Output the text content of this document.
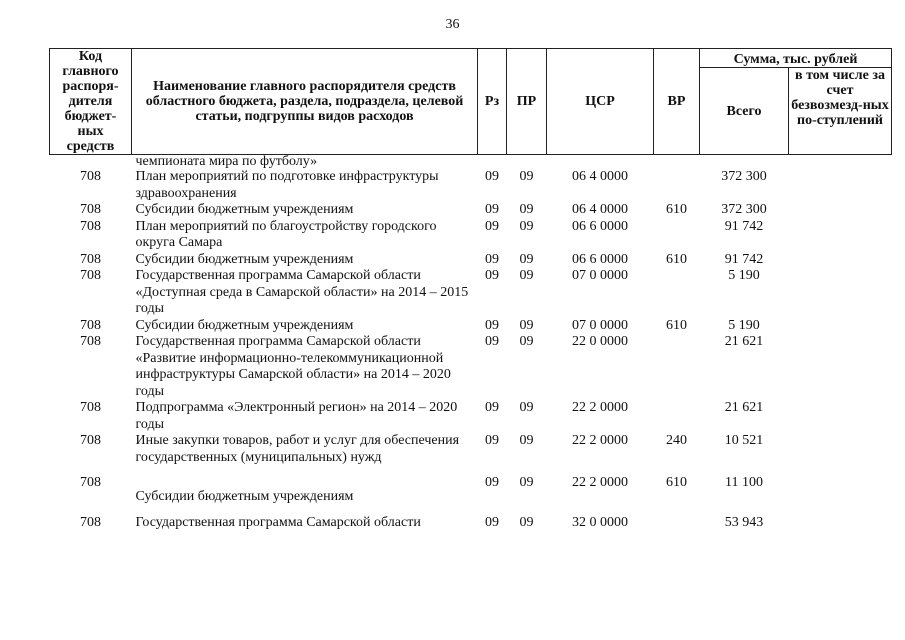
36
Код главного распоря-дителя бюджет-ных средств	Наименование главного распорядителя средств областного бюджета, раздела, подраздела, целевой статьи, подгруппы видов расходов	Рз	ПР	ЦСР	ВР	Сумма, тыс. рублей	
						Всего	в том числе за счет безвозмезд-ных по-ступлений
	чемпионата мира по футболу»						
708	План мероприятий по подготовке инфраструктуры здравоохранения	09	09	06 4 0000		372 300	
708	Субсидии бюджетным учреждениям	09	09	06 4 0000	610	372 300	
708	План мероприятий по благоустройству городского округа Самара	09	09	06 6 0000		91 742	
708	Субсидии бюджетным учреждениям	09	09	06 6 0000	610	91 742	
708	Государственная программа Самарской области «Доступная среда в Самарской области» на 2014 – 2015 годы	09	09	07 0 0000		5 190	
708	Субсидии бюджетным учреждениям	09	09	07 0 0000	610	5 190	
708	Государственная программа Самарской области «Развитие информационно-телекоммуникационной инфраструктуры Самарской области» на 2014 – 2020 годы	09	09	22 0 0000		21 621	
708	Подпрограмма «Электронный регион» на 2014 – 2020 годы	09	09	22 2 0000		21 621	
708	Иные закупки товаров, работ и услуг для обеспечения государственных (муниципальных) нужд	09	09	22 2 0000	240	10 521	
708	Субсидии бюджетным учреждениям	09	09	22 2 0000	610	11 100	
708	Государственная программа Самарской области	09	09	32 0 0000		53 943	
